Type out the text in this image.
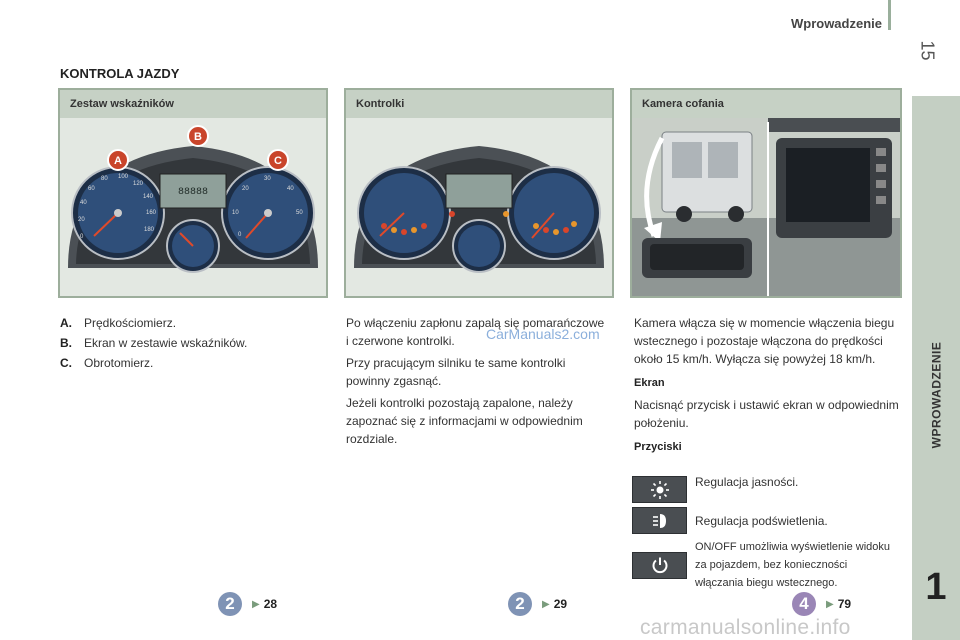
Wprowadzenie
15
WPROWADZENIE
1
KONTROLA JAZDY
Zestaw wskaźników
0
20
40
60
80 100
120
140
160
180
0
10
20
30
40
50
88888
A
B
C
Kontrolki	Kamera cofania
A. Prędkościomierz.
B. Ekran w zestawie wskaźników.
C. Obrotomierz.

Po włączeniu zapłonu zapalą się pomarańczowe i czerwone kontrolki.

Przy pracującym silniku te same kontrolki powinny zgasnąć.

Jeżeli kontrolki pozostają zapalone, należy zapoznać się z informacjami w odpowiednim rozdziale.

CarManuals2.com

Kamera włącza się w momencie włączenia biegu wstecznego i pozostaje włączona do prędkości około 15 km/h. Wyłącza się powyżej 18 km/h.

Ekran

Nacisnąć przycisk i ustawić ekran w odpowiednim położeniu.

Przyciski
Regulacja jasności.
Regulacja podświetlenia.
ON/OFF umożliwia wyświetlenie widoku za pojazdem, bez konieczności włączania biegu wstecznego.
2	▶ 28	2	▶ 29	4	▶ 79
carmanualsonline.info
